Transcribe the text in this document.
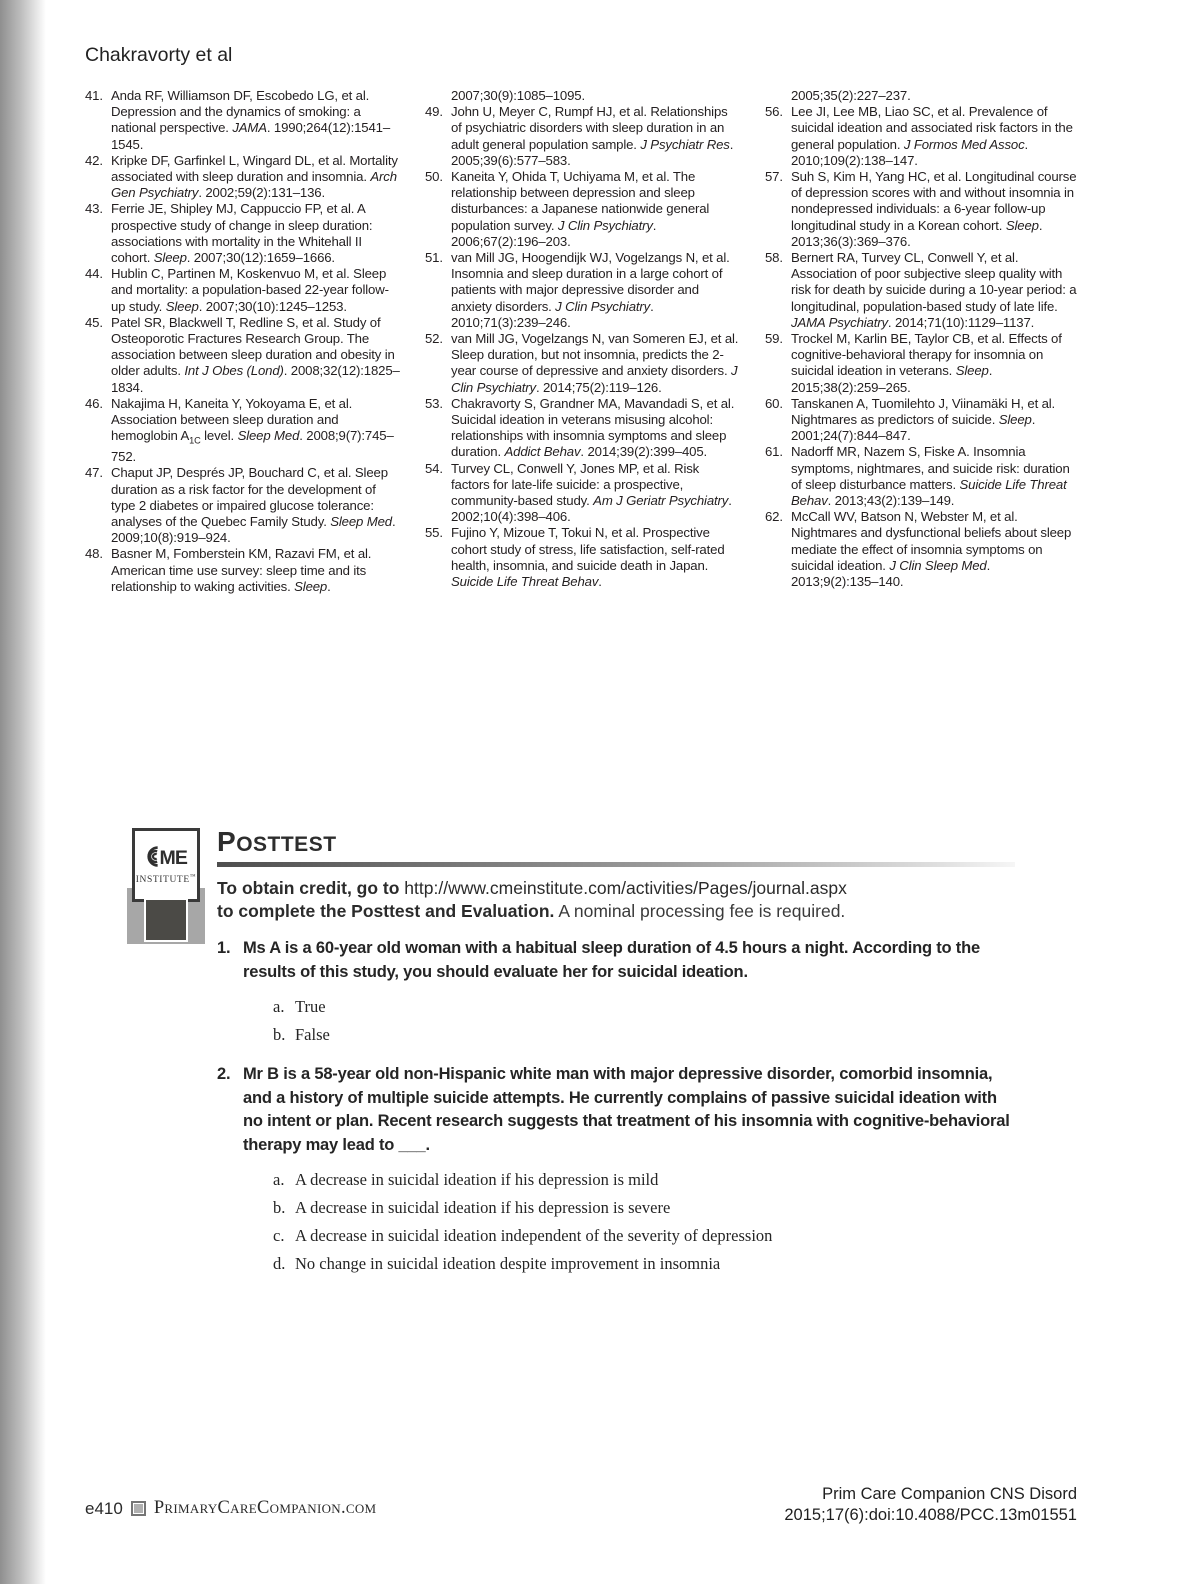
Chakravorty et al
41. Anda RF, Williamson DF, Escobedo LG, et al. Depression and the dynamics of smoking: a national perspective. JAMA. 1990;264(12):1541–1545.
42. Kripke DF, Garfinkel L, Wingard DL, et al. Mortality associated with sleep duration and insomnia. Arch Gen Psychiatry. 2002;59(2):131–136.
43. Ferrie JE, Shipley MJ, Cappuccio FP, et al. A prospective study of change in sleep duration: associations with mortality in the Whitehall II cohort. Sleep. 2007;30(12):1659–1666.
44. Hublin C, Partinen M, Koskenvuo M, et al. Sleep and mortality: a population-based 22-year follow-up study. Sleep. 2007;30(10):1245–1253.
45. Patel SR, Blackwell T, Redline S, et al. Study of Osteoporotic Fractures Research Group. The association between sleep duration and obesity in older adults. Int J Obes (Lond). 2008;32(12):1825–1834.
46. Nakajima H, Kaneita Y, Yokoyama E, et al. Association between sleep duration and hemoglobin $A_{1C}$ level. Sleep Med. 2008;9(7):745–752.
47. Chaput JP, Després JP, Bouchard C, et al. Sleep duration as a risk factor for the development of type 2 diabetes or impaired glucose tolerance: analyses of the Quebec Family Study. Sleep Med. 2009;10(8):919–924.
48. Basner M, Fomberstein KM, Razavi FM, et al. American time use survey: sleep time and its relationship to waking activities. Sleep.
2007;30(9):1085–1095.
49. John U, Meyer C, Rumpf HJ, et al. Relationships of psychiatric disorders with sleep duration in an adult general population sample. J Psychiatr Res. 2005;39(6):577–583.
50. Kaneita Y, Ohida T, Uchiyama M, et al. The relationship between depression and sleep disturbances: a Japanese nationwide general population survey. J Clin Psychiatry. 2006;67(2):196–203.
51. van Mill JG, Hoogendijk WJ, Vogelzangs N, et al. Insomnia and sleep duration in a large cohort of patients with major depressive disorder and anxiety disorders. J Clin Psychiatry. 2010;71(3):239–246.
52. van Mill JG, Vogelzangs N, van Someren EJ, et al. Sleep duration, but not insomnia, predicts the 2-year course of depressive and anxiety disorders. J Clin Psychiatry. 2014;75(2):119–126.
53. Chakravorty S, Grandner MA, Mavandadi S, et al. Suicidal ideation in veterans misusing alcohol: relationships with insomnia symptoms and sleep duration. Addict Behav. 2014;39(2):399–405.
54. Turvey CL, Conwell Y, Jones MP, et al. Risk factors for late-life suicide: a prospective, community-based study. Am J Geriatr Psychiatry. 2002;10(4):398–406.
55. Fujino Y, Mizoue T, Tokui N, et al. Prospective cohort study of stress, life satisfaction, self-rated health, insomnia, and suicide death in Japan. Suicide Life Threat Behav.
2005;35(2):227–237.
56. Lee JI, Lee MB, Liao SC, et al. Prevalence of suicidal ideation and associated risk factors in the general population. J Formos Med Assoc. 2010;109(2):138–147.
57. Suh S, Kim H, Yang HC, et al. Longitudinal course of depression scores with and without insomnia in nondepressed individuals: a 6-year follow-up longitudinal study in a Korean cohort. Sleep. 2013;36(3):369–376.
58. Bernert RA, Turvey CL, Conwell Y, et al. Association of poor subjective sleep quality with risk for death by suicide during a 10-year period: a longitudinal, population-based study of late life. JAMA Psychiatry. 2014;71(10):1129–1137.
59. Trockel M, Karlin BE, Taylor CB, et al. Effects of cognitive-behavioral therapy for insomnia on suicidal ideation in veterans. Sleep. 2015;38(2):259–265.
60. Tanskanen A, Tuomilehto J, Viinamäki H, et al. Nightmares as predictors of suicide. Sleep. 2001;24(7):844–847.
61. Nadorff MR, Nazem S, Fiske A. Insomnia symptoms, nightmares, and suicide risk: duration of sleep disturbance matters. Suicide Life Threat Behav. 2013;43(2):139–149.
62. McCall WV, Batson N, Webster M, et al. Nightmares and dysfunctional beliefs about sleep mediate the effect of insomnia symptoms on suicidal ideation. J Clin Sleep Med. 2013;9(2):135–140.
ME
INSTITUTE™
POSTTEST

To obtain credit, go to http://www.cmeinstitute.com/activities/Pages/journal.aspx
to complete the Posttest and Evaluation. A nominal processing fee is required.

1. Ms A is a 60-year old woman with a habitual sleep duration of 4.5 hours a night. According to the results of this study, you should evaluate her for suicidal ideation.
a. True
b. False
2. Mr B is a 58-year old non-Hispanic white man with major depressive disorder, comorbid insomnia, and a history of multiple suicide attempts. He currently complains of passive suicidal ideation with no intent or plan. Recent research suggests that treatment of his insomnia with cognitive-behavioral therapy may lead to ___.
a. A decrease in suicidal ideation if his depression is mild
b. A decrease in suicidal ideation if his depression is severe
c. A decrease in suicidal ideation independent of the severity of depression
d. No change in suicidal ideation despite improvement in insomnia
e410 PrimaryCareCompanion.com
Prim Care Companion CNS Disord
2015;17(6):doi:10.4088/PCC.13m01551
